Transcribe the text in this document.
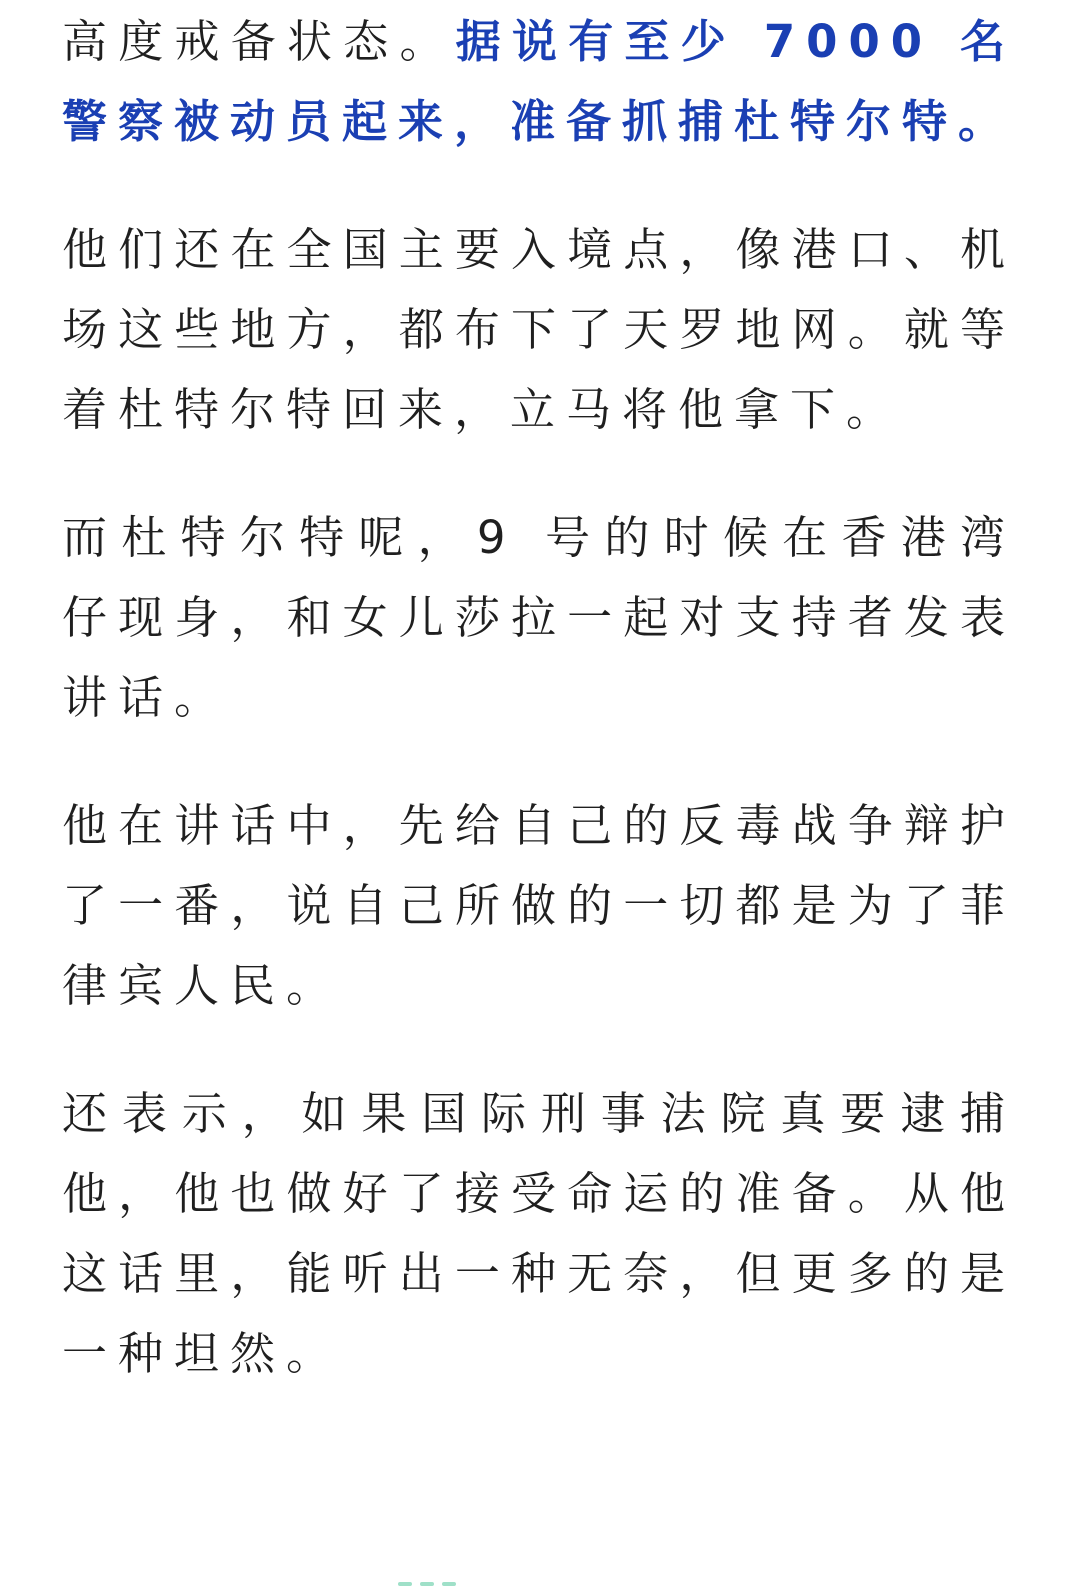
高度戒备状态。据说有至少 7000 名警察被动员起来，准备抓捕杜特尔特。

他们还在全国主要入境点，像港口、机场这些地方，都布下了天罗地网。就等着杜特尔特回来，立马将他拿下。

而杜特尔特呢，9 号的时候在香港湾仔现身，和女儿莎拉一起对支持者发表讲话。

他在讲话中，先给自己的反毒战争辩护了一番，说自己所做的一切都是为了菲律宾人民。

还表示，如果国际刑事法院真要逮捕他，他也做好了接受命运的准备。从他这话里，能听出一种无奈，但更多的是一种坦然。
